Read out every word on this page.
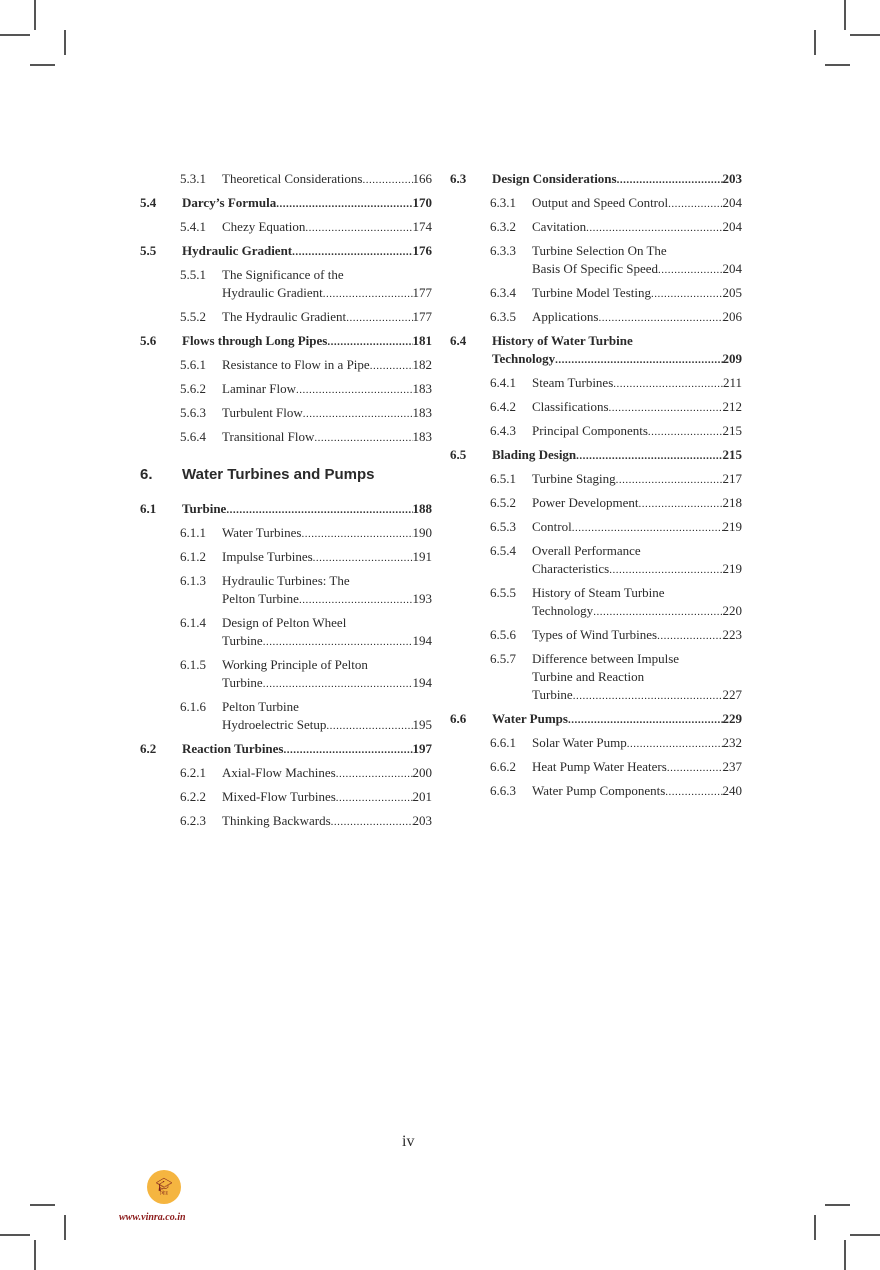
5.3.1 Theoretical Considerations .....	166
5.4 Darcy’s Formula .....	170
5.4.1 Chezy Equation .....	174
5.5 Hydraulic Gradient .....	176
5.5.1 The Significance of the
Hydraulic Gradient .....	177
5.5.2 The Hydraulic Gradient .....	177
5.6 Flows through Long Pipes .....	181
5.6.1 Resistance to Flow in a Pipe .....	182
5.6.2 Laminar Flow .....	183
5.6.3 Turbulent Flow .....	183
5.6.4 Transitional Flow .....	183
6.1 Turbine .....	188
6.1.1 Water Turbines .....	190
6.1.2 Impulse Turbines .....	191
6.1.3 Hydraulic Turbines: The
Pelton Turbine .....	193
6.1.4 Design of Pelton Wheel
Turbine .....	194
6.1.5 Working Principle of Pelton
Turbine .....	194
6.1.6 Pelton Turbine
Hydroelectric Setup .....	195
6.2 Reaction Turbines .....	197
6.2.1 Axial-Flow Machines .....	200
6.2.2 Mixed-Flow Turbines .....	201
6.2.3 Thinking Backwards .....	203
6. Water Turbines and Pumps
6.3 Design Considerations .....	203
6.3.1 Output and Speed Control .....	204
6.3.2 Cavitation .....	204
6.3.3 Turbine Selection On The
Basis Of Specific Speed .....	204
6.3.4 Turbine Model Testing .....	205
6.3.5 Applications .....	206
6.4 History of Water Turbine
Technology .....	209
6.4.1 Steam Turbines .....	211
6.4.2 Classifications .....	212
6.4.3 Principal Components .....	215
6.5 Blading Design .....	215
6.5.1 Turbine Staging .....	217
6.5.2 Power Development .....	218
6.5.3 Control .....	219
6.5.4 Overall Performance
Characteristics .....	219
6.5.5 History of Steam Turbine
Technology .....	220
6.5.6 Types of Wind Turbines .....	223
6.5.7 Difference between Impulse
Turbine and Reaction
Turbine .....	227
6.6 Water Pumps .....	229
6.6.1 Solar Water Pump .....	232
6.6.2 Heat Pump Water Heaters .....	237
6.6.3 Water Pump Components .....	240
iv
🎓︎
ৰিঃ
www.vinra.co.in
